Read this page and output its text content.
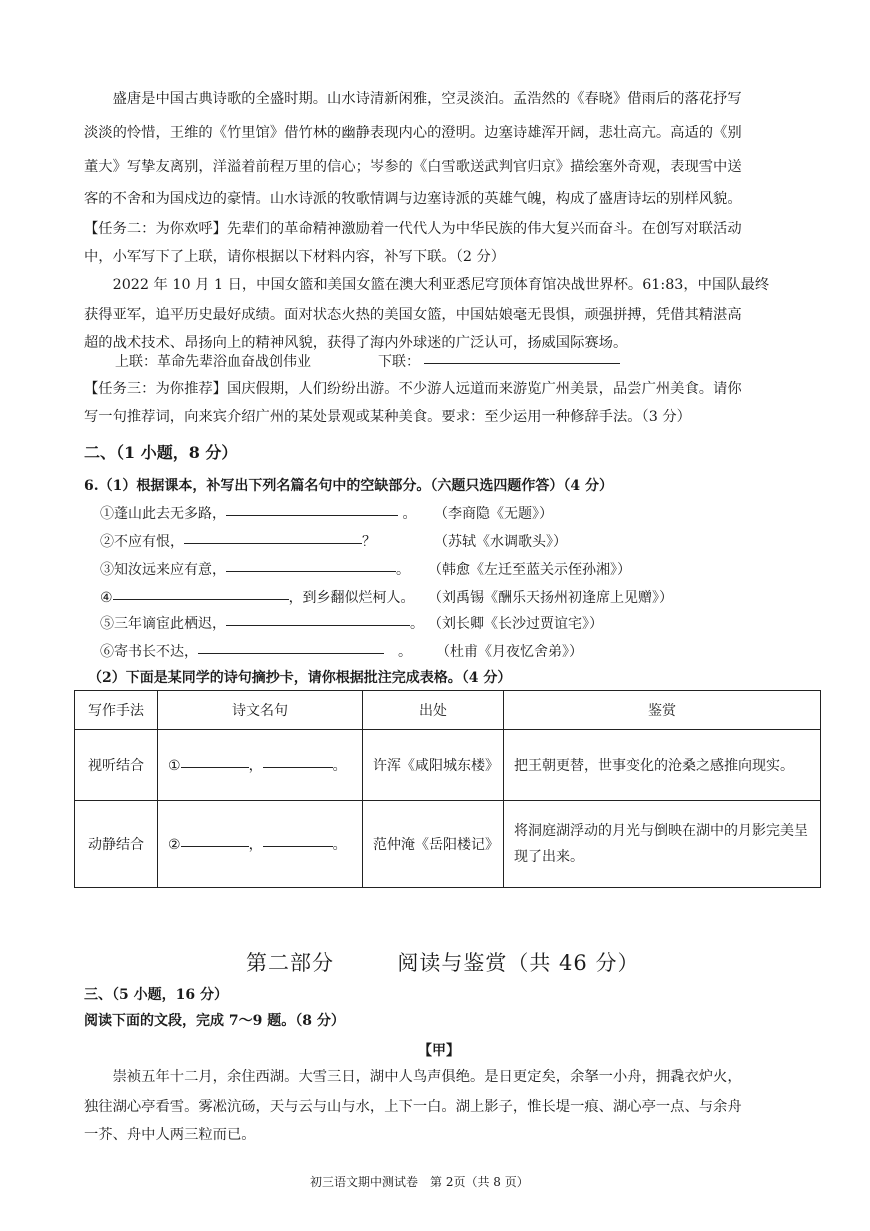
盛唐是中国古典诗歌的全盛时期。山水诗清新闲雅，空灵淡泊。孟浩然的《春晓》借雨后的落花抒写
淡淡的怜惜，王维的《竹里馆》借竹林的幽静表现内心的澄明。边塞诗雄浑开阔，悲壮高亢。高适的《别
董大》写挚友离别，洋溢着前程万里的信心；岑参的《白雪歌送武判官归京》描绘塞外奇观，表现雪中送
客的不舍和为国戍边的豪情。山水诗派的牧歌情调与边塞诗派的英雄气魄，构成了盛唐诗坛的别样风貌。
【任务二：为你欢呼】先辈们的革命精神激励着一代代人为中华民族的伟大复兴而奋斗。在创写对联活动
中，小军写下了上联，请你根据以下材料内容，补写下联。（2 分）
2022 年 10 月 1 日，中国女篮和美国女篮在澳大利亚悉尼穹顶体育馆决战世界杯。61:83，中国队最终
获得亚军，追平历史最好成绩。面对状态火热的美国女篮，中国姑娘毫无畏惧，顽强拼搏，凭借其精湛高
超的战术技术、昂扬向上的精神风貌，获得了海内外球迷的广泛认可，扬威国际赛场。
上联：革命先辈浴血奋战创伟业	下联：
【任务三：为你推荐】国庆假期，人们纷纷出游。不少游人远道而来游览广州美景，品尝广州美食。请你
写一句推荐词，向来宾介绍广州的某处景观或某种美食。要求：至少运用一种修辞手法。（3 分）
二、（1 小题，8 分）
6.（1）根据课本，补写出下列名篇名句中的空缺部分。（六题只选四题作答）（4 分）
①蓬山此去无多路，	。 （李商隐《无题》）
②不应有恨，	？	（苏轼《水调歌头》）
③知汝远来应有意，	。 （韩愈《左迁至蓝关示侄孙湘》）
④	，到乡翻似烂柯人。 （刘禹锡《酬乐天扬州初逢席上见赠》）
⑤三年谪宦此栖迟，	。 （刘长卿《长沙过贾谊宅》）
⑥寄书长不达，　	。 （杜甫《月夜忆舍弟》）
（2）下面是某同学的诗句摘抄卡，请你根据批注完成表格。（4 分）
写作手法	诗文名句	出处	鉴赏
视听结合	① ， 。	许浑《咸阳城东楼》	把王朝更替，世事变化的沧桑之感推向现实。
动静结合	② ， 。	范仲淹《岳阳楼记》	将洞庭湖浮动的月光与倒映在湖中的月影完美呈现了出来。
第二部分	阅读与鉴赏（共 46 分）
三、（5 小题，16 分）
阅读下面的文段，完成 7～9 题。（8 分）
【甲】
崇祯五年十二月，余住西湖。大雪三日，湖中人鸟声俱绝。是日更定矣，余拏一小舟，拥毳衣炉火，
独往湖心亭看雪。雾凇沆砀，天与云与山与水，上下一白。湖上影子，惟长堤一痕、湖心亭一点、与余舟
一芥、舟中人两三粒而已。
初三语文期中测试卷　第 2页（共 8 页）
